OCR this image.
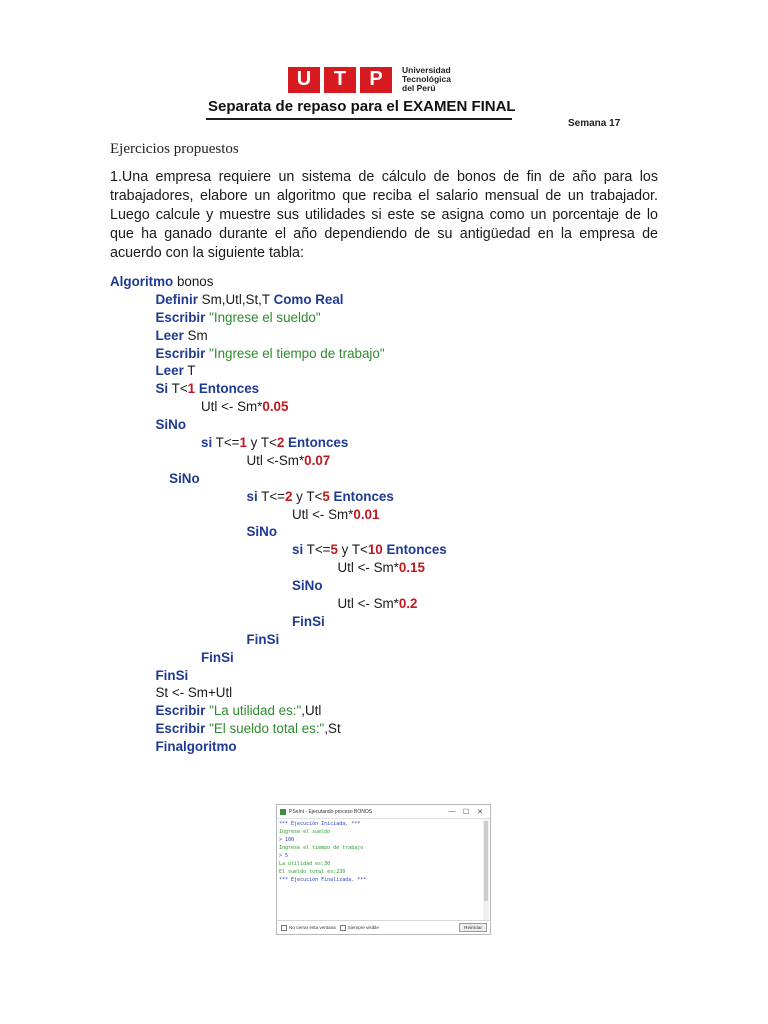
U	T	P	Universidad
Tecnológica
del Perú
Separata de repaso para el EXAMEN FINAL
Semana 17
Ejercicios propuestos
1.Una empresa requiere un sistema de cálculo de bonos de fin de año para los trabajadores, elabore un algoritmo que reciba el salario mensual de un trabajador. Luego calcule y muestre sus utilidades si este se asigna como un porcentaje de lo que ha ganado durante el año dependiendo de su antigüedad en la empresa de acuerdo con la siguiente tabla:
Algoritmo bonos
Definir Sm,Utl,St,T Como Real
Escribir "Ingrese el sueldo"
Leer Sm
Escribir "Ingrese el tiempo de trabajo"
Leer T
Si T<1 Entonces
Utl <- Sm*0.05
SiNo
si T<=1 y T<2 Entonces
Utl <-Sm*0.07
SiNo
si T<=2 y T<5 Entonces
Utl <- Sm*0.01
SiNo
si T<=5 y T<10 Entonces
Utl <- Sm*0.15
SiNo
Utl <- Sm*0.2
FinSi
FinSi
FinSi
FinSi
St <- Sm+Utl
Escribir "La utilidad es:",Utl
Escribir "El sueldo total es:",St
Finalgoritmo
PSeInt - Ejecutando proceso BONOS	—	☐	✕
*** Ejecución Iniciada. ***
Ingrese el sueldo
> 100
Ingrese el tiempo de trabajo
> 5
La utilidad es:30
El sueldo total es:230
*** Ejecución Finalizada. ***
No cerrar esta ventana	Siempre visible	Reiniciar
